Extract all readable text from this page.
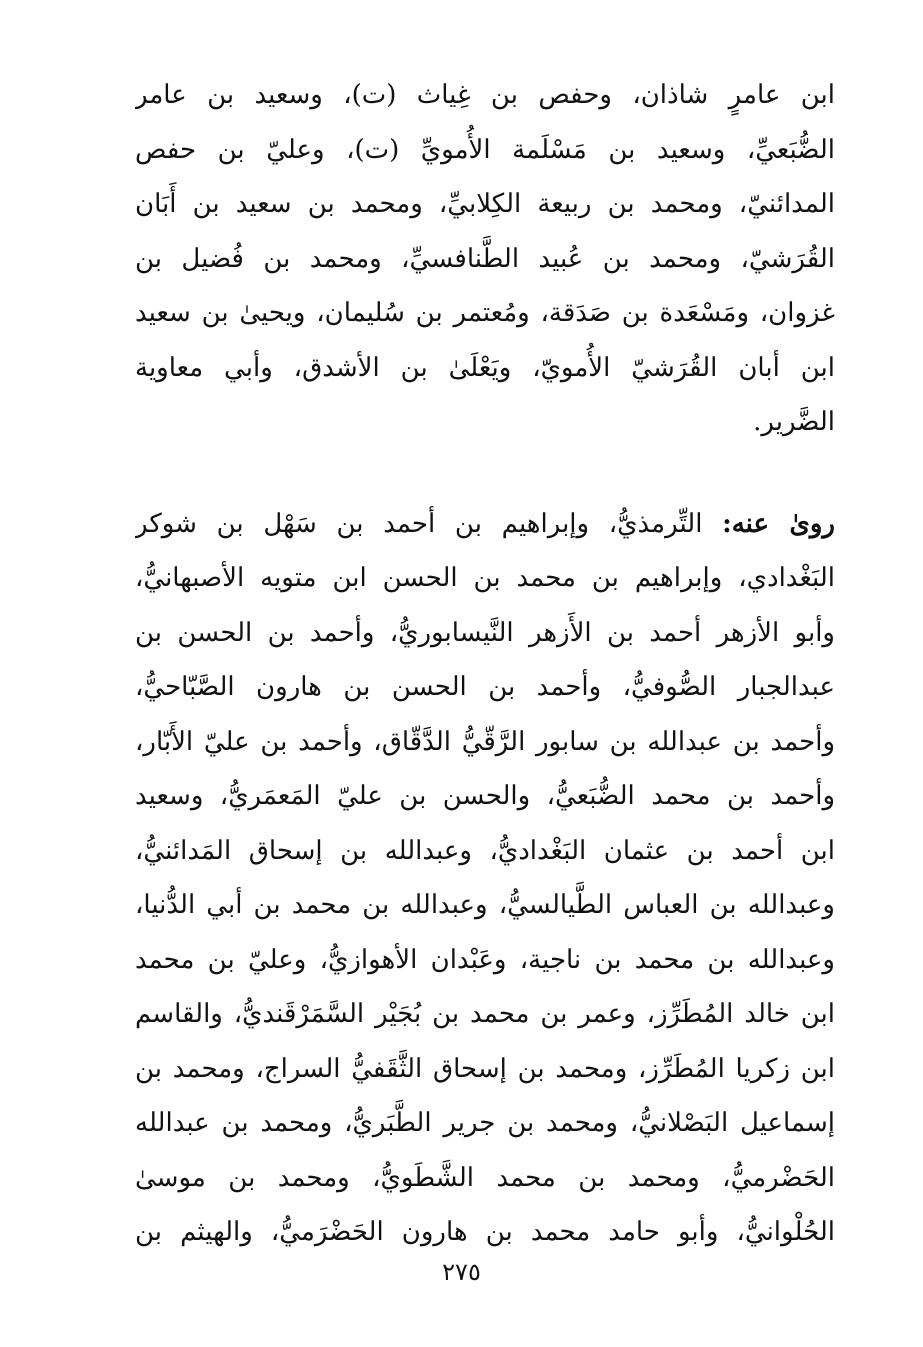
ابن عامرٍ شاذان، وحفص بن غِياث (ت)، وسعيد بن عامر
الضُّبَعيِّ، وسعيد بن مَسْلَمة الأُمويِّ (ت)، وعليّ بن حفص
المدائنيّ، ومحمد بن ربيعة الكِلابيِّ، ومحمد بن سعيد بن أَبَان
القُرَشيّ، ومحمد بن عُبيد الطَّنافسيِّ، ومحمد بن فُضيل بن
غزوان، ومَسْعَدة بن صَدَقة، ومُعتمر بن سُليمان، ويحيىٰ بن سعيد
ابن أبان القُرَشيّ الأُمويّ، ويَعْلَىٰ بن الأشدق، وأبي معاوية
الضَّرير.
روىٰ عنه: التِّرمذيُّ، وإبراهيم بن أحمد بن سَهْل بن شوكر
البَغْدادي، وإبراهيم بن محمد بن الحسن ابن متويه الأصبهانيُّ،
وأبو الأزهر أحمد بن الأَزهر النَّيسابوريُّ، وأحمد بن الحسن بن
عبدالجبار الصُّوفيُّ، وأحمد بن الحسن بن هارون الصَّبّاحيُّ،
وأحمد بن عبدالله بن سابور الرَّقّيُّ الدَّقّاق، وأحمد بن عليّ الأَبّار،
وأحمد بن محمد الضُّبَعيُّ، والحسن بن عليّ المَعمَريُّ، وسعيد
ابن أحمد بن عثمان البَغْداديُّ، وعبدالله بن إسحاق المَدائنيُّ،
وعبدالله بن العباس الطَّيالسيُّ، وعبدالله بن محمد بن أبي الدُّنيا،
وعبدالله بن محمد بن ناجية، وعَبْدان الأهوازيُّ، وعليّ بن محمد
ابن خالد المُطَرِّز، وعمر بن محمد بن بُجَيْر السَّمَرْقَنديُّ، والقاسم
ابن زكريا المُطَرِّز، ومحمد بن إسحاق الثَّقَفيُّ السراج، ومحمد بن
إسماعيل البَصْلانيُّ، ومحمد بن جرير الطَّبَريُّ، ومحمد بن عبدالله
الحَضْرميُّ، ومحمد بن محمد الشَّطَويُّ، ومحمد بن موسىٰ
الحُلْوانيُّ، وأبو حامد محمد بن هارون الحَضْرَميُّ، والهيثم بن
٢٧٥
